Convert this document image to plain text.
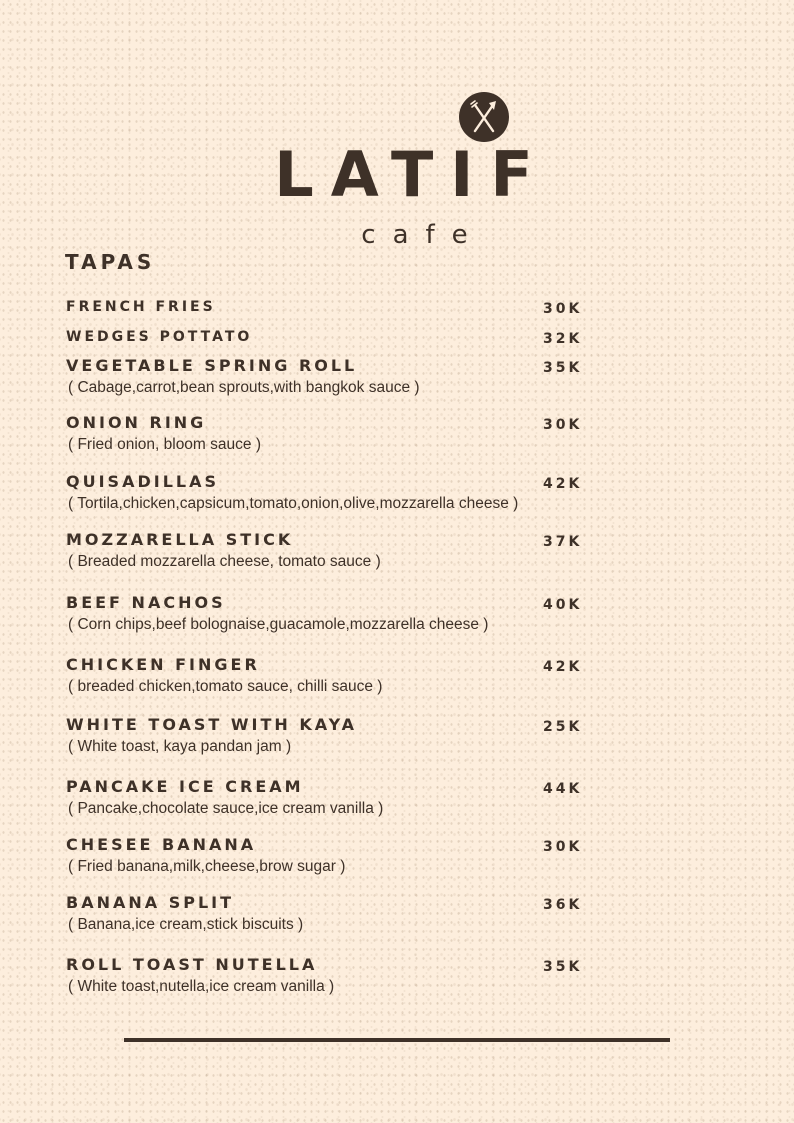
LATIF
cafe
TAPAS
FRENCH FRIES	30K
WEDGES POTTATO	32K
VEGETABLE SPRING ROLL
( Cabage,carrot,bean sprouts,with bangkok sauce )
35K
ONION RING
( Fried onion, bloom sauce )
30K
QUISADILLAS
( Tortila,chicken,capsicum,tomato,onion,olive,mozzarella cheese )
42K
MOZZARELLA STICK
( Breaded mozzarella cheese, tomato sauce )
37K
BEEF NACHOS
( Corn chips,beef bolognaise,guacamole,mozzarella cheese )
40K
CHICKEN FINGER
( breaded chicken,tomato sauce, chilli sauce )
42K
WHITE TOAST WITH KAYA
( White toast, kaya pandan jam )
25K
PANCAKE ICE CREAM
( Pancake,chocolate sauce,ice cream vanilla )
44K
CHESEE BANANA
( Fried banana,milk,cheese,brow sugar )
30K
BANANA SPLIT
( Banana,ice cream,stick biscuits )
36K
ROLL TOAST NUTELLA
( White toast,nutella,ice cream vanilla )
35K
